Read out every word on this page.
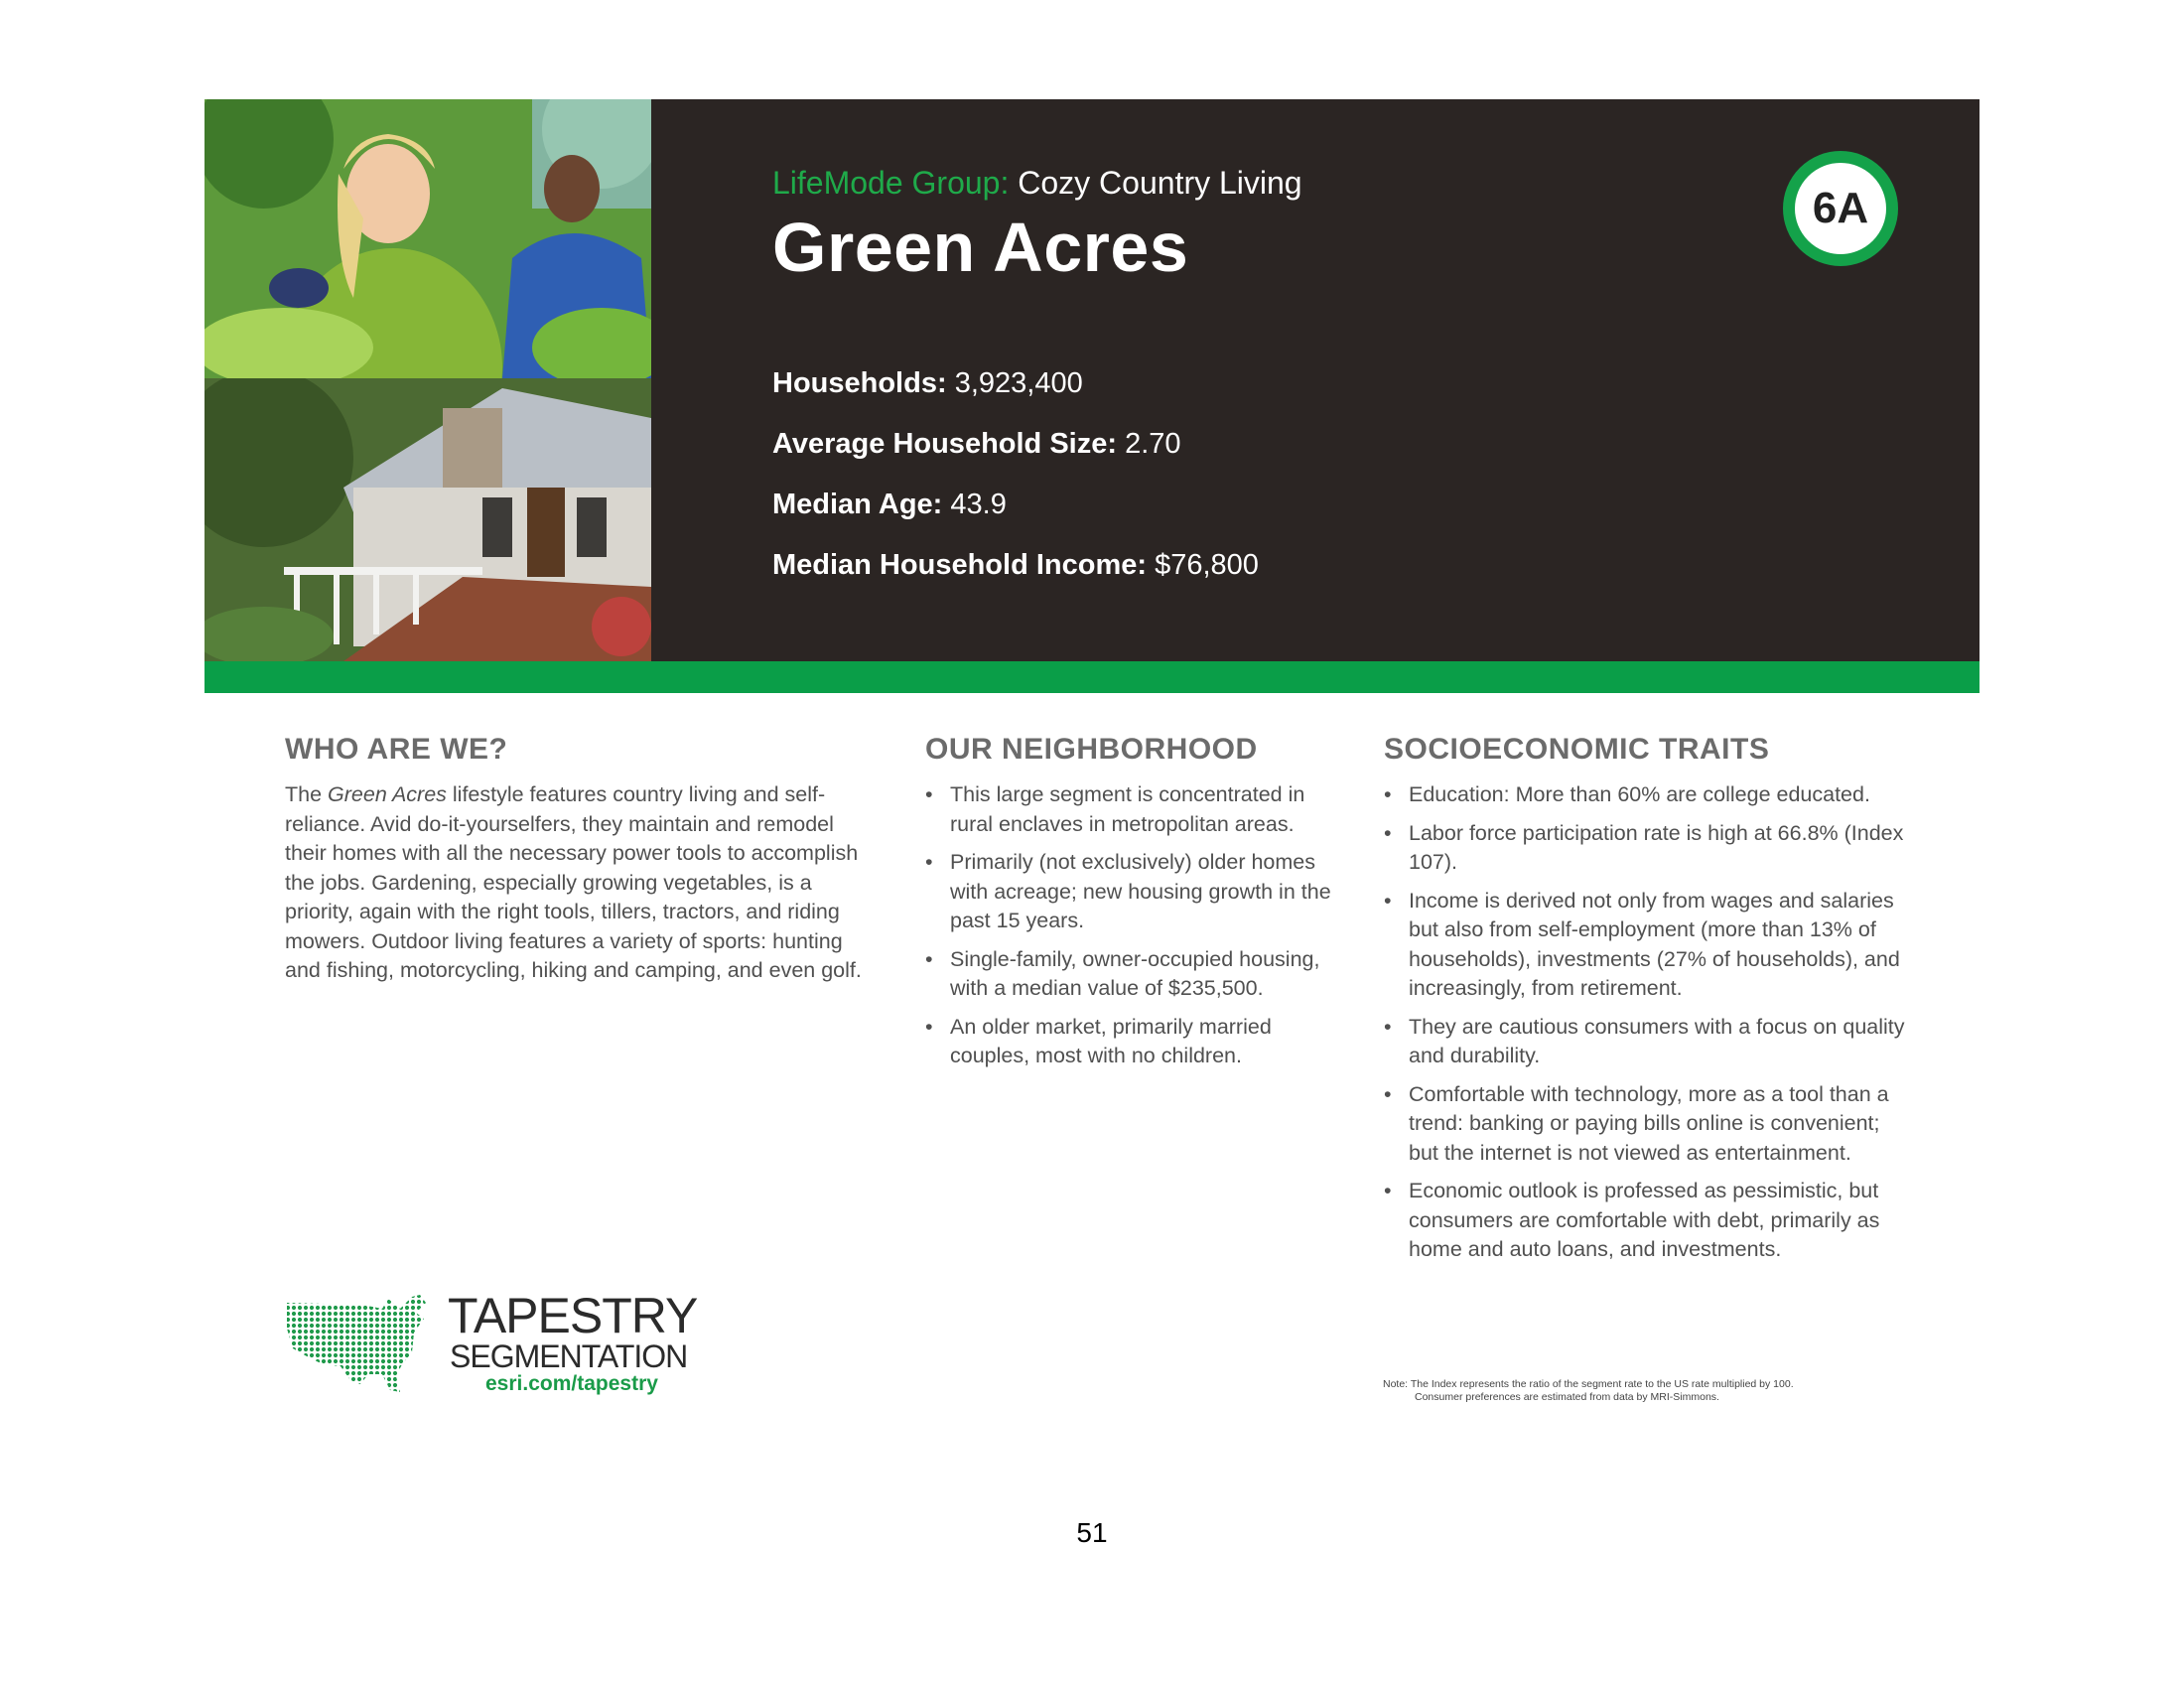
LifeMode Group: Cozy Country Living
Green Acres
6A
Households: 3,923,400
Average Household Size: 2.70
Median Age: 43.9
Median Household Income: $76,800
WHO ARE WE?
The Green Acres lifestyle features country living and self-reliance. Avid do-it-yourselfers, they maintain and remodel their homes with all the necessary power tools to accomplish the jobs. Gardening, especially growing vegetables, is a priority, again with the right tools, tillers, tractors, and riding mowers. Outdoor living features a variety of sports: hunting and fishing, motorcycling, hiking and camping, and even golf.
OUR NEIGHBORHOOD
• This large segment is concentrated in rural enclaves in metropolitan areas.
• Primarily (not exclusively) older homes with acreage; new housing growth in the past 15 years.
• Single-family, owner-occupied housing, with a median value of $235,500.
• An older market, primarily married couples, most with no children.
SOCIOECONOMIC TRAITS
• Education: More than 60% are college educated.
• Labor force participation rate is high at 66.8% (Index 107).
• Income is derived not only from wages and salaries but also from self-employment (more than 13% of households), investments (27% of households), and increasingly, from retirement.
• They are cautious consumers with a focus on quality and durability.
• Comfortable with technology, more as a tool than a trend: banking or paying bills online is convenient; but the internet is not viewed as entertainment.
• Economic outlook is professed as pessimistic, but consumers are comfortable with debt, primarily as home and auto loans, and investments.
TAPESTRY
SEGMENTATION
esri.com/tapestry	Note: The Index represents the ratio of the segment rate to the US rate multiplied by 100.
Consumer preferences are estimated from data by MRI-Simmons.
51
